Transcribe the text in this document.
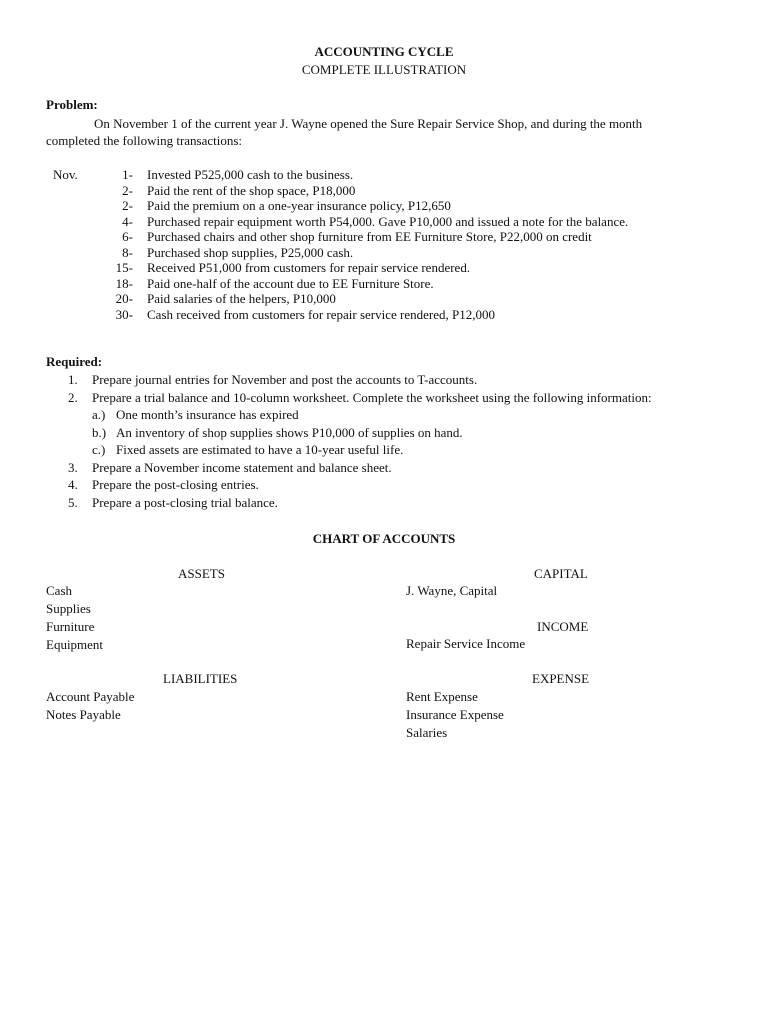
ACCOUNTING CYCLE
COMPLETE ILLUSTRATION
Problem:
On November 1 of the current year J. Wayne opened the Sure Repair Service Shop, and during the month
completed the following transactions:
Nov.	1- Invested P525,000 cash to the business.
2- Paid the rent of the shop space, P18,000
2- Paid the premium on a one-year insurance policy, P12,650
4- Purchased repair equipment worth P54,000. Gave P10,000 and issued a note for the balance.
6- Purchased chairs and other shop furniture from EE Furniture Store, P22,000 on credit
8- Purchased shop supplies, P25,000 cash.
15- Received P51,000 from customers for repair service rendered.
18- Paid one-half of the account due to EE Furniture Store.
20- Paid salaries of the helpers, P10,000
30- Cash received from customers for repair service rendered, P12,000
Required:
1. Prepare journal entries for November and post the accounts to T-accounts.
2. Prepare a trial balance and 10-column worksheet. Complete the worksheet using the following information:
a.) One month’s insurance has expired
b.) An inventory of shop supplies shows P10,000 of supplies on hand.
c.) Fixed assets are estimated to have a 10-year useful life.
3. Prepare a November income statement and balance sheet.
4. Prepare the post-closing entries.
5. Prepare a post-closing trial balance.
CHART OF ACCOUNTS
ASSETS
Cash
Supplies
Furniture
Equipment
LIABILITIES
Account Payable
Notes Payable
CAPITAL
J. Wayne, Capital
INCOME
Repair Service Income
EXPENSE
Rent Expense
Insurance Expense
Salaries
